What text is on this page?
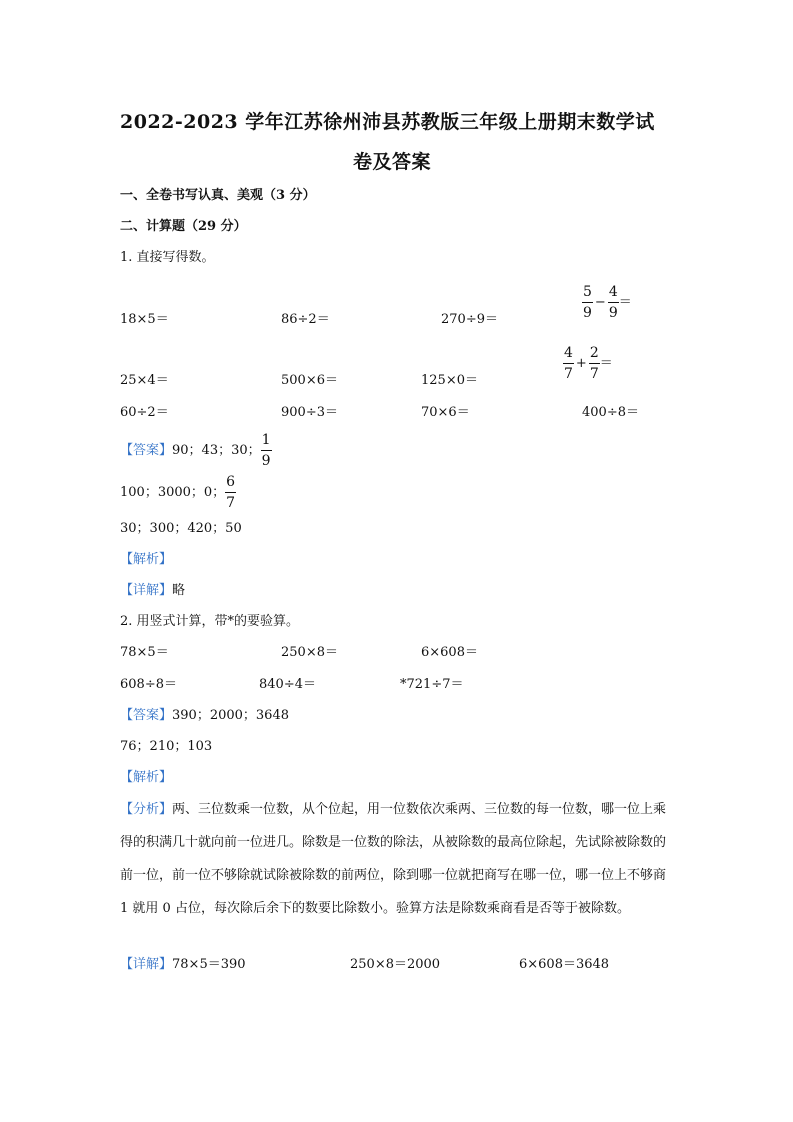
2022-2023 学年江苏徐州沛县苏教版三年级上册期末数学试
卷及答案
一、全卷书写认真、美观（3 分）
二、计算题（29 分）
1. 直接写得数。
18×5＝	86÷2＝	270÷9＝	$\frac{5}{9} - \frac{4}{9}$ ＝
25×4＝	500×6＝	125×0＝	$\frac{4}{7} + \frac{2}{7}$ ＝
60÷2＝	900÷3＝	70×6＝	400÷8＝
【答案】 90；43；30； $\frac{1}{9}$
100；3000；0； $\frac{6}{7}$
30；300；420；50
【解析】
【详解】略
2. 用竖式计算，带*的要验算。
78×5＝	250×8＝	6×608＝
608÷8＝	840÷4＝	*721÷7＝
【答案】390；2000；3648
76；210；103
【解析】
【分析】两、三位数乘一位数，从个位起，用一位数依次乘两、三位数的每一位数，哪一位上乘得的积满几十就向前一位进几。除数是一位数的除法，从被除数的最高位除起，先试除被除数的前一位，前一位不够除就试除被除数的前两位，除到哪一位就把商写在哪一位，哪一位上不够商 1 就用 0 占位，每次除后余下的数要比除数小。验算方法是除数乘商看是否等于被除数。
【详解】78×5＝390	250×8＝2000	6×608＝3648
